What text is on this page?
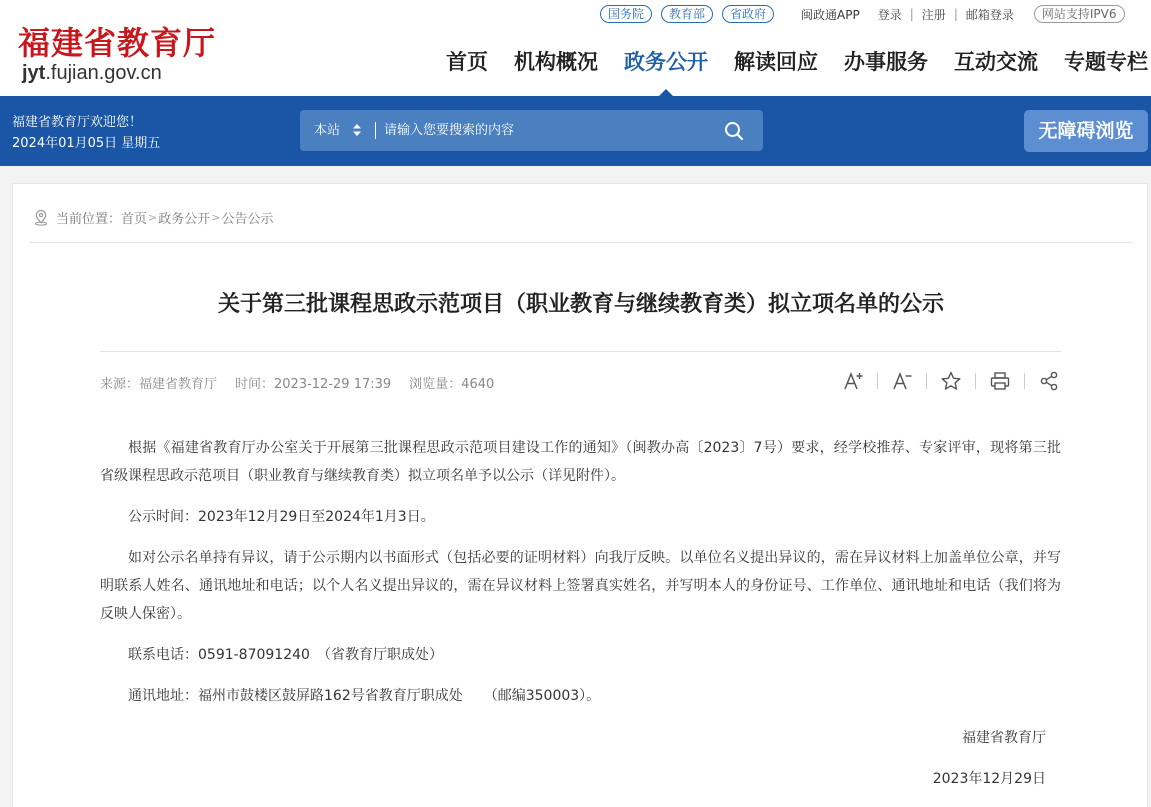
福建省教育厅
jyt.fujian.gov.cn
国务院	教育部	省政府	闽政通APP 登录 | 注册 | 邮箱登录	网站支持IPV6
首页	机构概况	政务公开	解读回应	办事服务	互动交流	专题专栏
福建省教育厅欢迎您！
2024年01月05日 星期五
本站
请输入您要搜索的内容	无障碍浏览
当前位置： 首页 > 政务公开 > 公告公示
关于第三批课程思政示范项目（职业教育与继续教育类）拟立项名单的公示
来源：福建省教育厅 时间：2023-12-29 17:39 浏览量：4640

根据《福建省教育厅办公室关于开展第三批课程思政示范项目建设工作的通知》（闽教办高〔2023〕7号）要求，经学校推荐、专家评审，现将第三批省级课程思政示范项目（职业教育与继续教育类）拟立项名单予以公示（详见附件）。

公示时间：2023年12月29日至2024年1月3日。

如对公示名单持有异议，请于公示期内以书面形式（包括必要的证明材料）向我厅反映。以单位名义提出异议的，需在异议材料上加盖单位公章，并写明联系人姓名、通讯地址和电话；以个人名义提出异议的，需在异议材料上签署真实姓名，并写明本人的身份证号、工作单位、通讯地址和电话（我们将为反映人保密）。

联系电话：0591-87091240　（省教育厅职成处）

通讯地址：福州市鼓楼区鼓屏路162号省教育厅职成处　　（邮编350003）。

福建省教育厅
2023年12月29日
